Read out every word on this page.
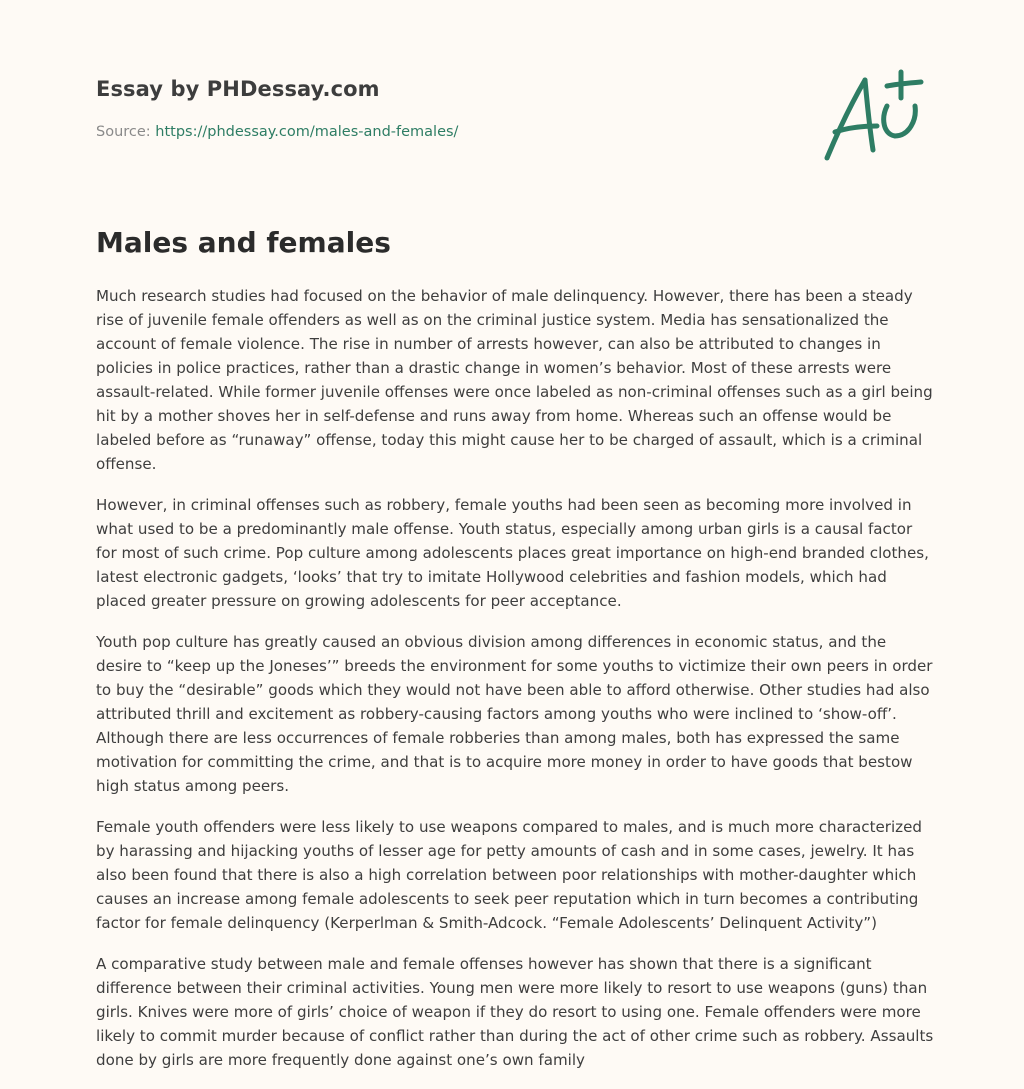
Essay by PHDessay.com

Source: https://phdessay.com/males-and-females/

Males and females

Much research studies had focused on the behavior of male delinquency. However, there has been a steady rise of juvenile female offenders as well as on the criminal justice system. Media has sensationalized the account of female violence. The rise in number of arrests however, can also be attributed to changes in policies in police practices, rather than a drastic change in women’s behavior. Most of these arrests were assault-related. While former juvenile offenses were once labeled as non-criminal offenses such as a girl being hit by a mother shoves her in self-defense and runs away from home. Whereas such an offense would be labeled before as “runaway” offense, today this might cause her to be charged of assault, which is a criminal offense.

However, in criminal offenses such as robbery, female youths had been seen as becoming more involved in what used to be a predominantly male offense. Youth status, especially among urban girls is a causal factor for most of such crime. Pop culture among adolescents places great importance on high-end branded clothes, latest electronic gadgets, ‘looks’ that try to imitate Hollywood celebrities and fashion models, which had placed greater pressure on growing adolescents for peer acceptance.

Youth pop culture has greatly caused an obvious division among differences in economic status, and the desire to “keep up the Joneses’” breeds the environment for some youths to victimize their own peers in order to buy the “desirable” goods which they would not have been able to afford otherwise. Other studies had also attributed thrill and excitement as robbery-causing factors among youths who were inclined to ‘show-off’. Although there are less occurrences of female robberies than among males, both has expressed the same motivation for committing the crime, and that is to acquire more money in order to have goods that bestow high status among peers.

Female youth offenders were less likely to use weapons compared to males, and is much more characterized by harassing and hijacking youths of lesser age for petty amounts of cash and in some cases, jewelry. It has also been found that there is also a high correlation between poor relationships with mother-daughter which causes an increase among female adolescents to seek peer reputation which in turn becomes a contributing factor for female delinquency (Kerperlman & Smith-Adcock. “Female Adolescents’ Delinquent Activity”)

A comparative study between male and female offenses however has shown that there is a significant difference between their criminal activities. Young men were more likely to resort to use weapons (guns) than girls. Knives were more of girls’ choice of weapon if they do resort to using one. Female offenders were more likely to commit murder because of conflict rather than during the act of other crime such as robbery. Assaults done by girls are more frequently done against one’s own family
